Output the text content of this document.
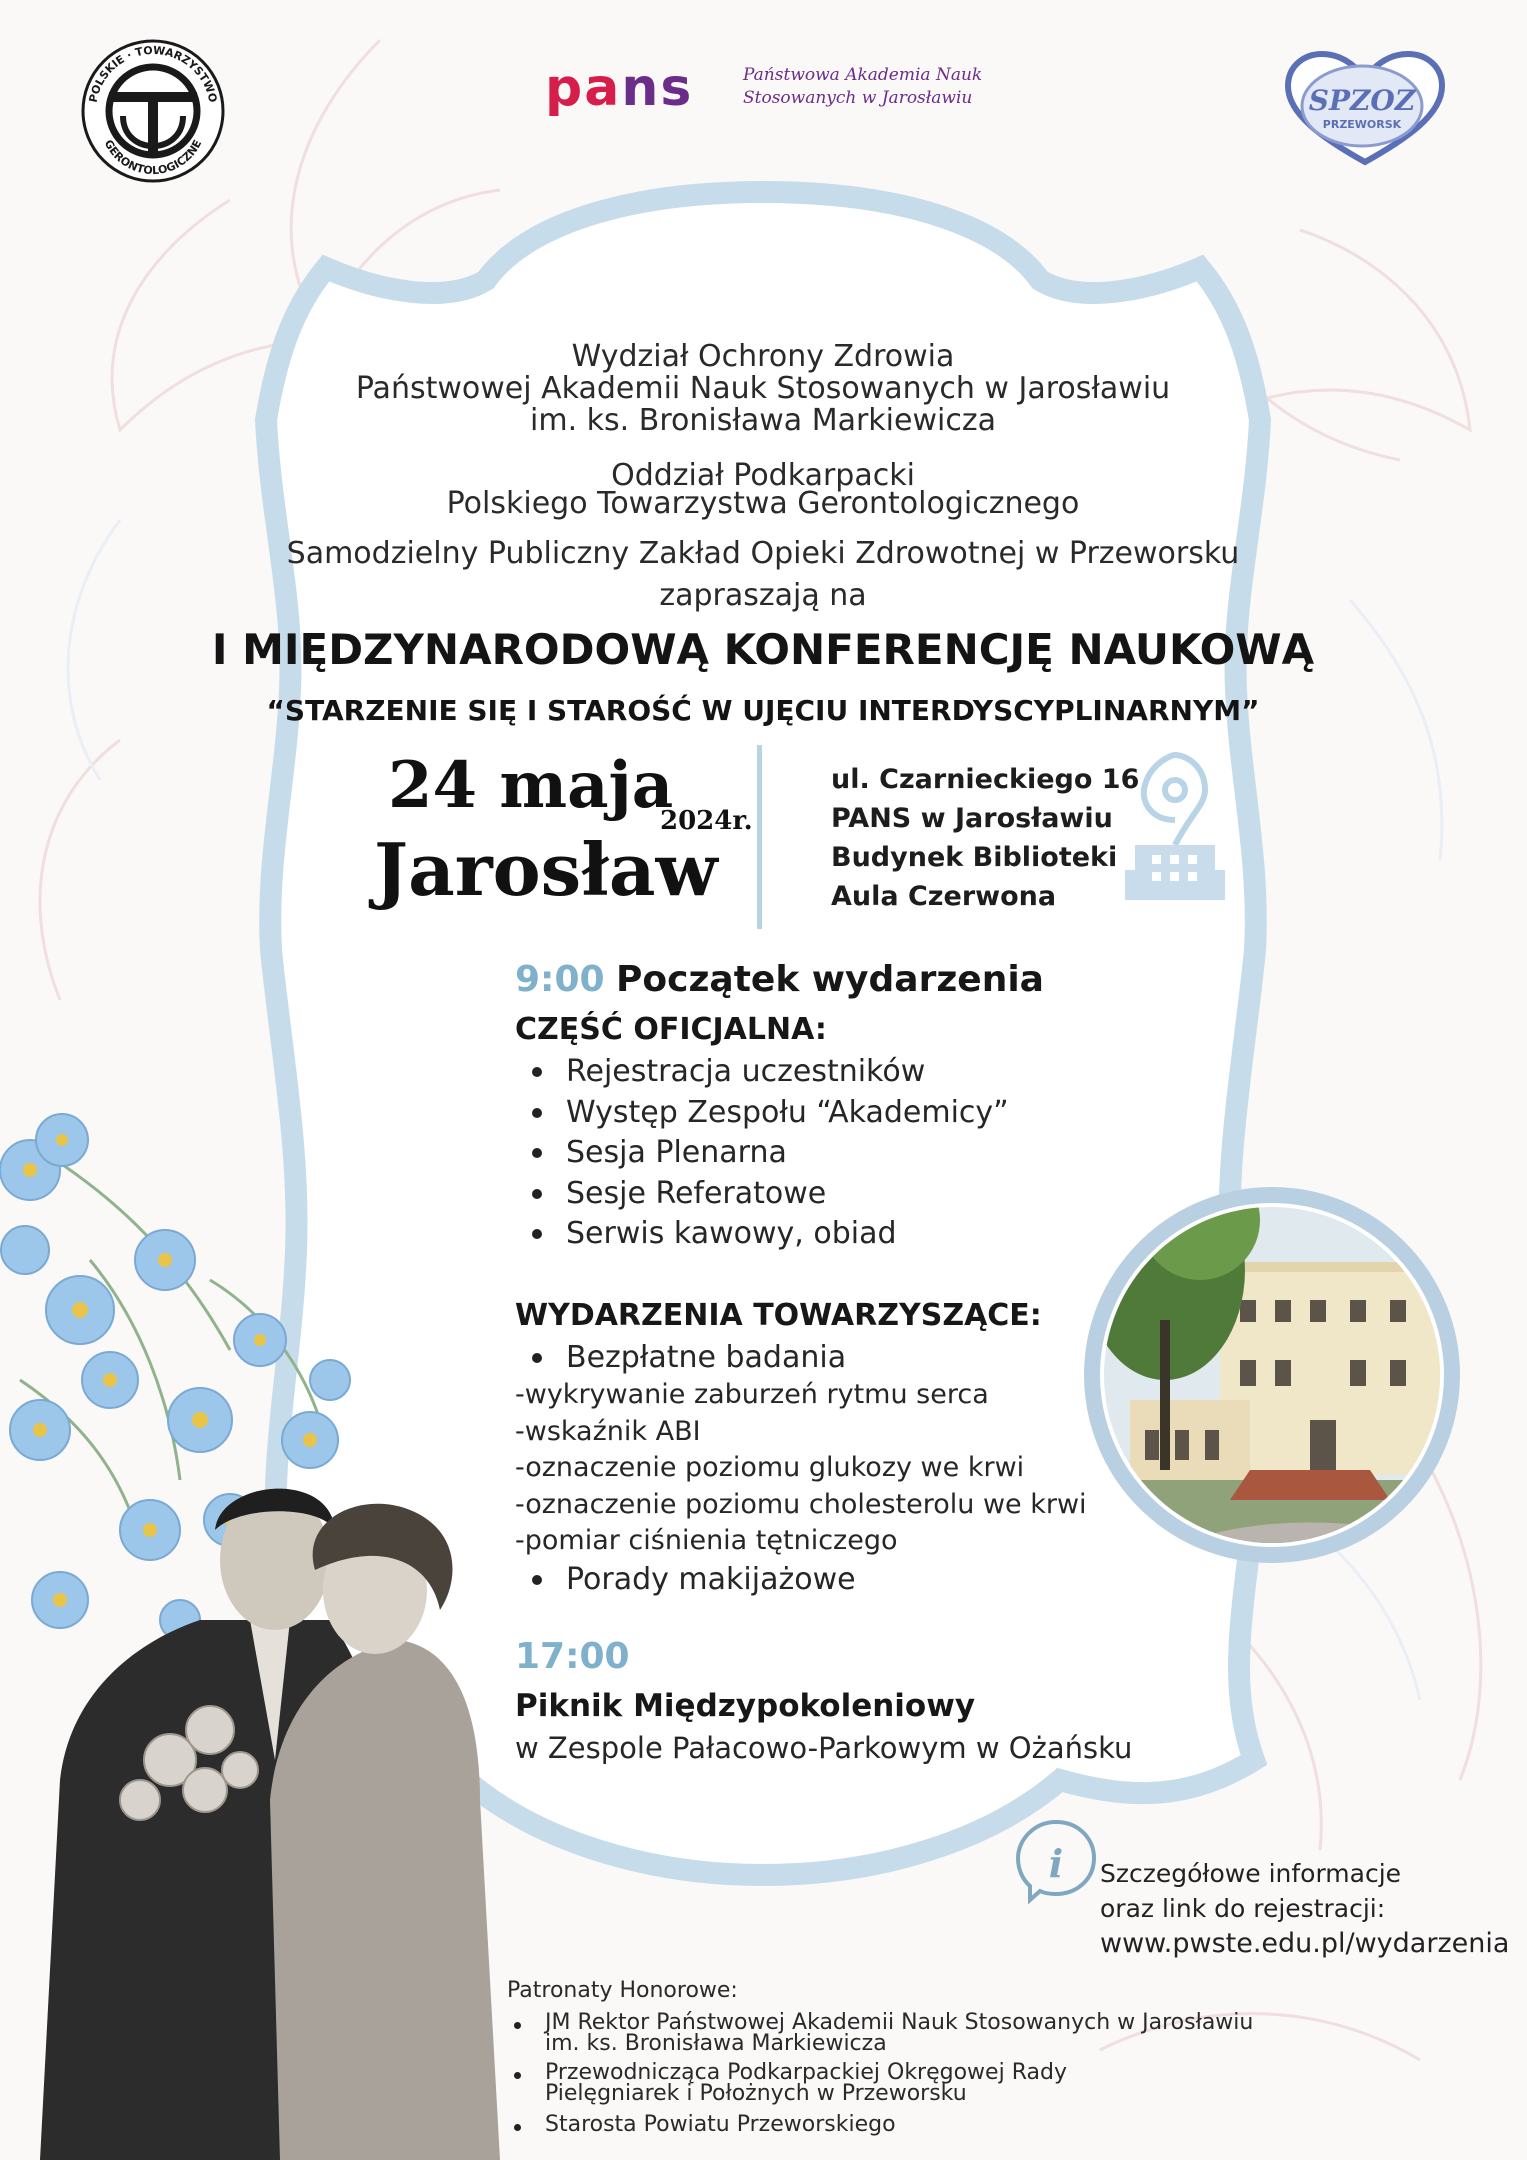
i
POLSKIE · TOWARZYSTWO
GERONTOLOGICZNE
pans	Państwowa Akademia Nauk
Stosowanych w Jarosławiu	SPZOZ
PRZEWORSK
Wydział Ochrony Zdrowia
Państwowej Akademii Nauk Stosowanych w Jarosławiu
im. ks. Bronisława Markiewicza
Oddział Podkarpacki
Polskiego Towarzystwa Gerontologicznego
Samodzielny Publiczny Zakład Opieki Zdrowotnej w Przeworsku
zapraszają na
I MIĘDZYNARODOWĄ KONFERENCJĘ NAUKOWĄ
“STARZENIE SIĘ I STAROŚĆ W UJĘCIU INTERDYSCYPLINARNYM”
24 maja
2024r.
Jarosław
ul. Czarnieckiego 16
PANS w Jarosławiu
Budynek Biblioteki
Aula Czerwona
9:00 Początek wydarzenia
CZĘŚĆ OFICJALNA:
Rejestracja uczestników
Występ Zespołu “Akademicy”
Sesja Plenarna
Sesje Referatowe
Serwis kawowy, obiad
WYDARZENIA TOWARZYSZĄCE:
Bezpłatne badania
-wykrywanie zaburzeń rytmu serca
-wskaźnik ABI
-oznaczenie poziomu glukozy we krwi
-oznaczenie poziomu cholesterolu we krwi
-pomiar ciśnienia tętniczego
Porady makijażowe
17:00
Piknik Międzypokoleniowy
w Zespole Pałacowo-Parkowym w Ożańsku
Szczegółowe informacje
oraz link do rejestracji:
www.pwste.edu.pl/wydarzenia
Patronaty Honorowe:
JM Rektor Państwowej Akademii Nauk Stosowanych w Jarosławiu
im. ks. Bronisława Markiewicza
Przewodnicząca Podkarpackiej Okręgowej Rady
Pielęgniarek i Położnych w Przeworsku
Starosta Powiatu Przeworskiego
